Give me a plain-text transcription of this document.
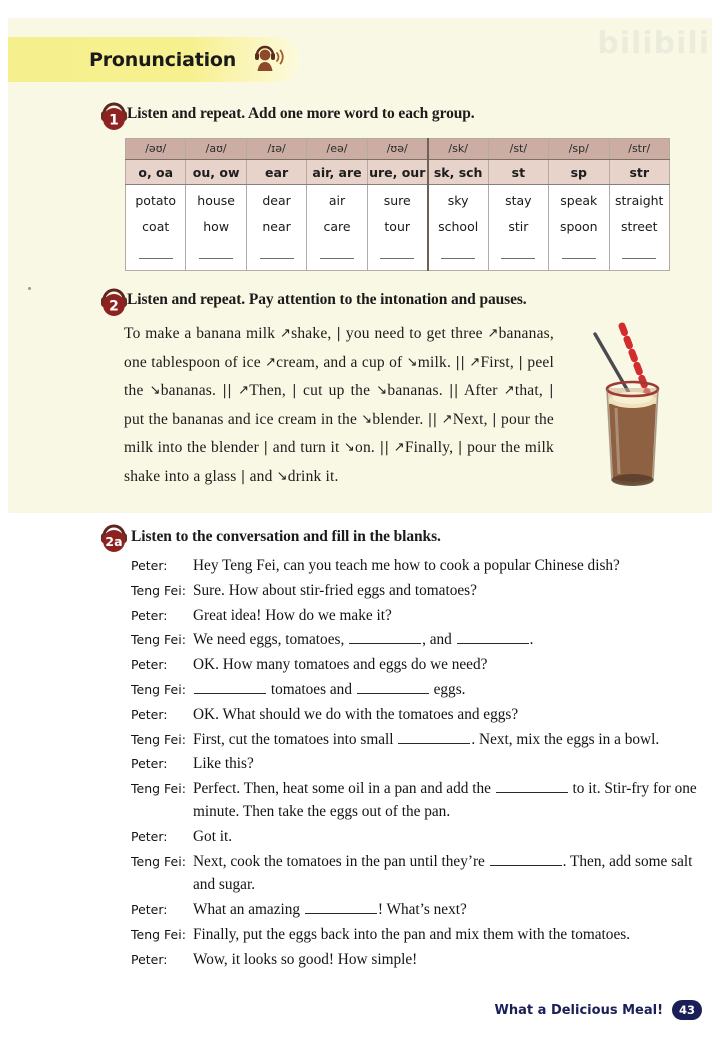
bilibili
Pronunciation
1 Listen and repeat. Add one more word to each group.
/əʊ/	/aʊ/	/ɪə/	/eə/	/ʊə/	/sk/	/st/	/sp/	/str/
o, oa	ou, ow	ear	air, are	ure, our	sk, sch	st	sp	str
potato	house	dear	air	sure	sky	stay	speak	straight
coat	how	near	care	tour	school	stir	spoon	street

2 Listen and repeat. Pay attention to the intonation and pauses.
To make a banana milk ↗shake, | you need to get three ↗bananas, one tablespoon of ice ↗cream, and a cup of ↘milk. || ↗First, | peel the ↘bananas. || ↗Then, | cut up the ↘bananas. || After ↗that, | put the bananas and ice cream in the ↘blender. || ↗Next, | pour the milk into the blender | and turn it ↘on. || ↗Finally, | pour the milk shake into a glass | and ↘drink it.
2a Listen to the conversation and fill in the blanks.
Peter:	Hey Teng Fei, can you teach me how to cook a popular Chinese dish?
Teng Fei: Sure. How about stir-fried eggs and tomatoes?
Peter:	Great idea! How do we make it?
Teng Fei: We need eggs, tomatoes,	, and	.
Peter:	OK. How many tomatoes and eggs do we need?
Teng Fei:	tomatoes and	eggs.
Peter:	OK. What should we do with the tomatoes and eggs?
Teng Fei: First, cut the tomatoes into small	. Next, mix the eggs in a bowl.
Peter:	Like this?
Teng Fei: Perfect. Then, heat some oil in a pan and add the	to it. Stir-fry for one minute. Then take the eggs out of the pan.
Peter:	Got it.
Teng Fei: Next, cook the tomatoes in the pan until they’re	. Then, add some salt and sugar.
Peter:	What an amazing	! What’s next?
Teng Fei: Finally, put the eggs back into the pan and mix them with the tomatoes.
Peter:	Wow, it looks so good! How simple!
What a Delicious Meal!	43
